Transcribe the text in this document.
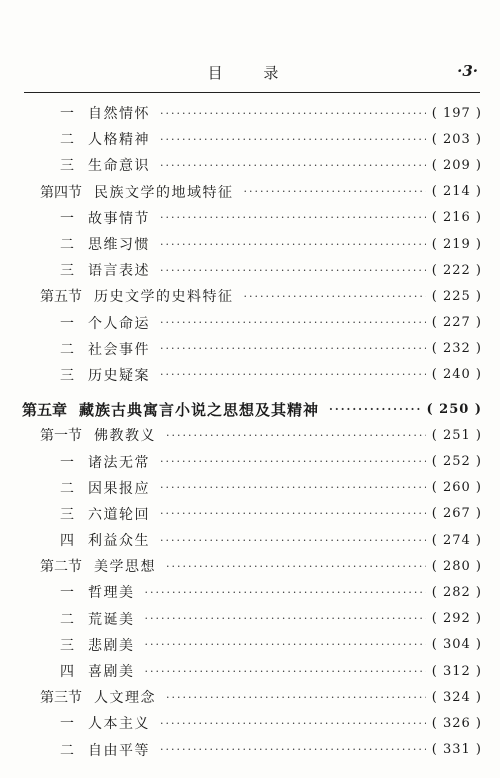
目 录	·3·
一	自然情怀 ·····	( 197 )
二	人格精神 ·····	( 203 )
三	生命意识 ·····	( 209 )
第四节 民族文学的地域特征 ·····	( 214 )
一	故事情节 ·····	( 216 )
二	思维习惯 ·····	( 219 )
三	语言表述 ·····	( 222 )
第五节 历史文学的史料特征 ·····	( 225 )
一	个人命运 ·····	( 227 )
二	社会事件 ·····	( 232 )
三	历史疑案 ·····	( 240 )
第五章 藏族古典寓言小说之思想及其精神 ·····	( 250 )
第一节 佛教教义 ·····	( 251 )
一	诸法无常 ·····	( 252 )
二	因果报应 ·····	( 260 )
三	六道轮回 ·····	( 267 )
四	利益众生 ·····	( 274 )
第二节 美学思想 ·····	( 280 )
一	哲理美 ·····	( 282 )
二	荒诞美 ·····	( 292 )
三	悲剧美 ·····	( 304 )
四	喜剧美 ·····	( 312 )
第三节 人文理念 ·····	( 324 )
一	人本主义 ·····	( 326 )
二	自由平等 ·····	( 331 )
